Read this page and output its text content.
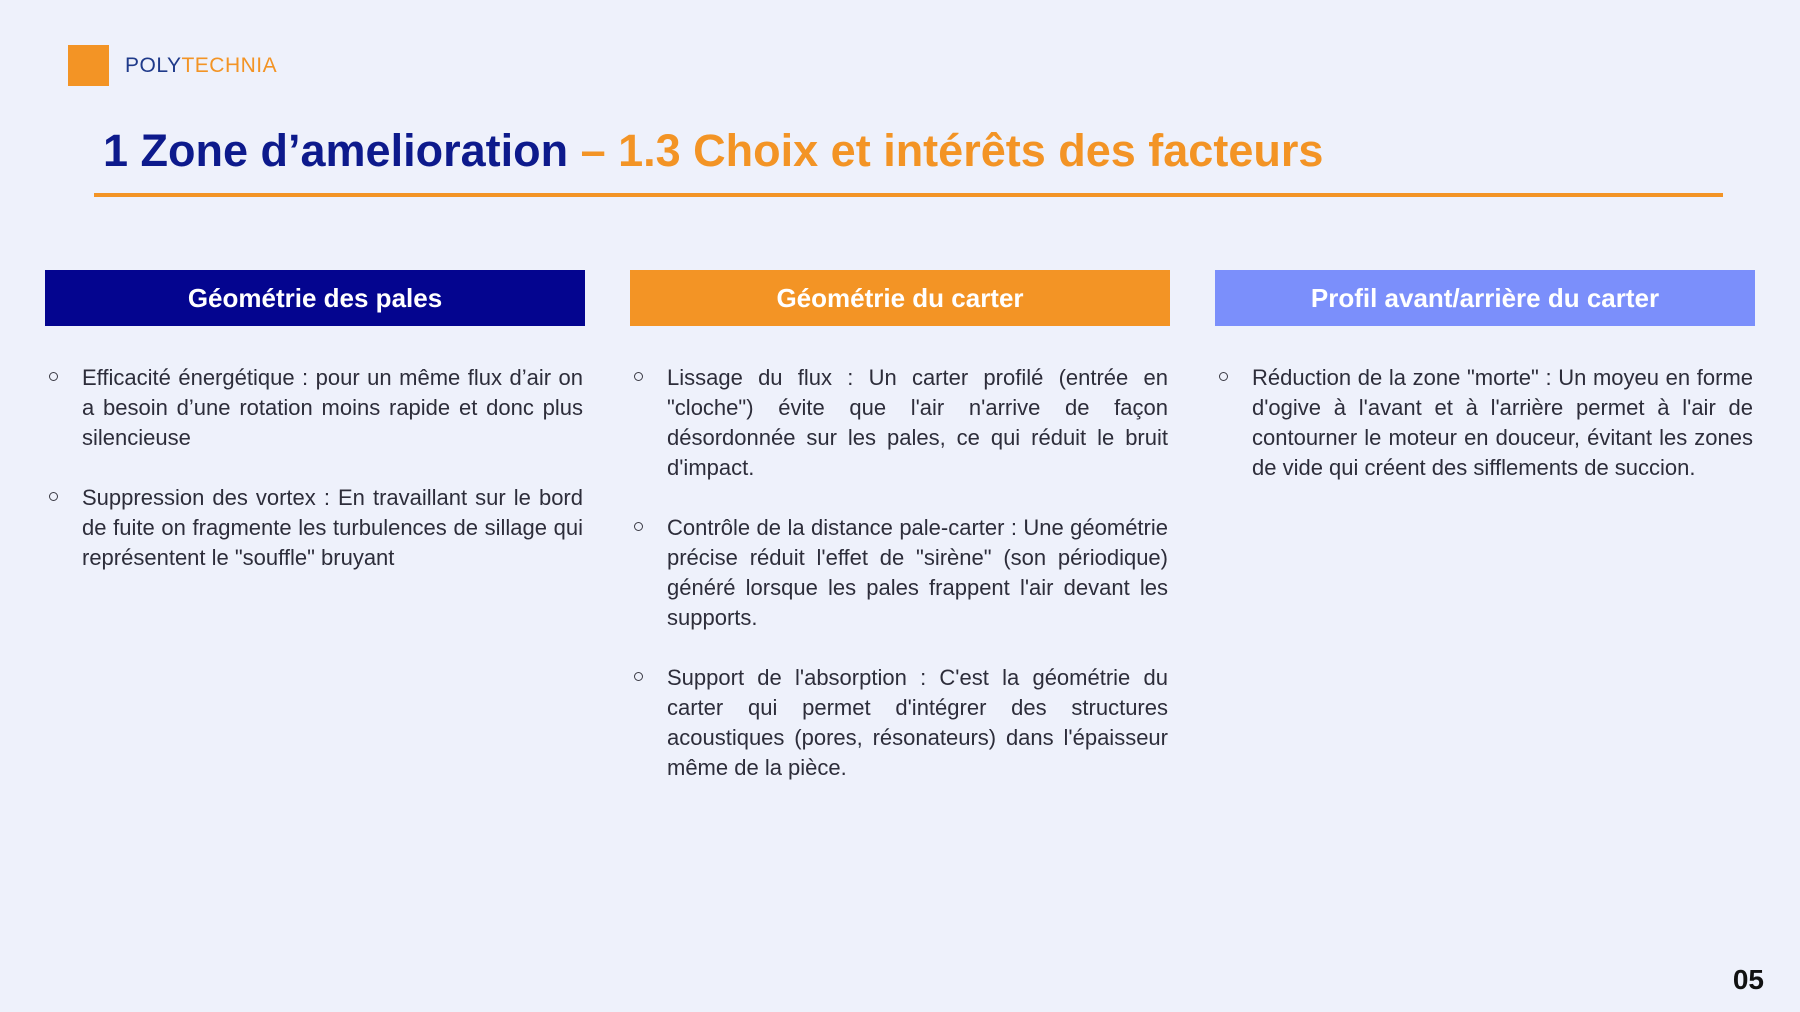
POLYTECHNIA
1 Zone d’amelioration – 1.3 Choix et intérêts des facteurs
Géométrie des pales
Efficacité énergétique : pour un même flux d’air on a besoin d’une rotation moins rapide et donc plus silencieuse
Suppression des vortex : En travaillant sur le bord de fuite on fragmente les turbulences de sillage qui représentent le "souffle" bruyant
Géométrie du carter
Lissage du flux : Un carter profilé (entrée en "cloche") évite que l'air n'arrive de façon désordonnée sur les pales, ce qui réduit le bruit d'impact.
Contrôle de la distance pale-carter : Une géométrie précise réduit l'effet de "sirène" (son périodique) généré lorsque les pales frappent l'air devant les supports.
Support de l'absorption : C'est la géométrie du carter qui permet d'intégrer des structures acoustiques (pores, résonateurs) dans l'épaisseur même de la pièce.
Profil avant/arrière du carter
Réduction de la zone "morte" : Un moyeu en forme d'ogive à l'avant et à l'arrière permet à l'air de contourner le moteur en douceur, évitant les zones de vide qui créent des sifflements de succion.
05
